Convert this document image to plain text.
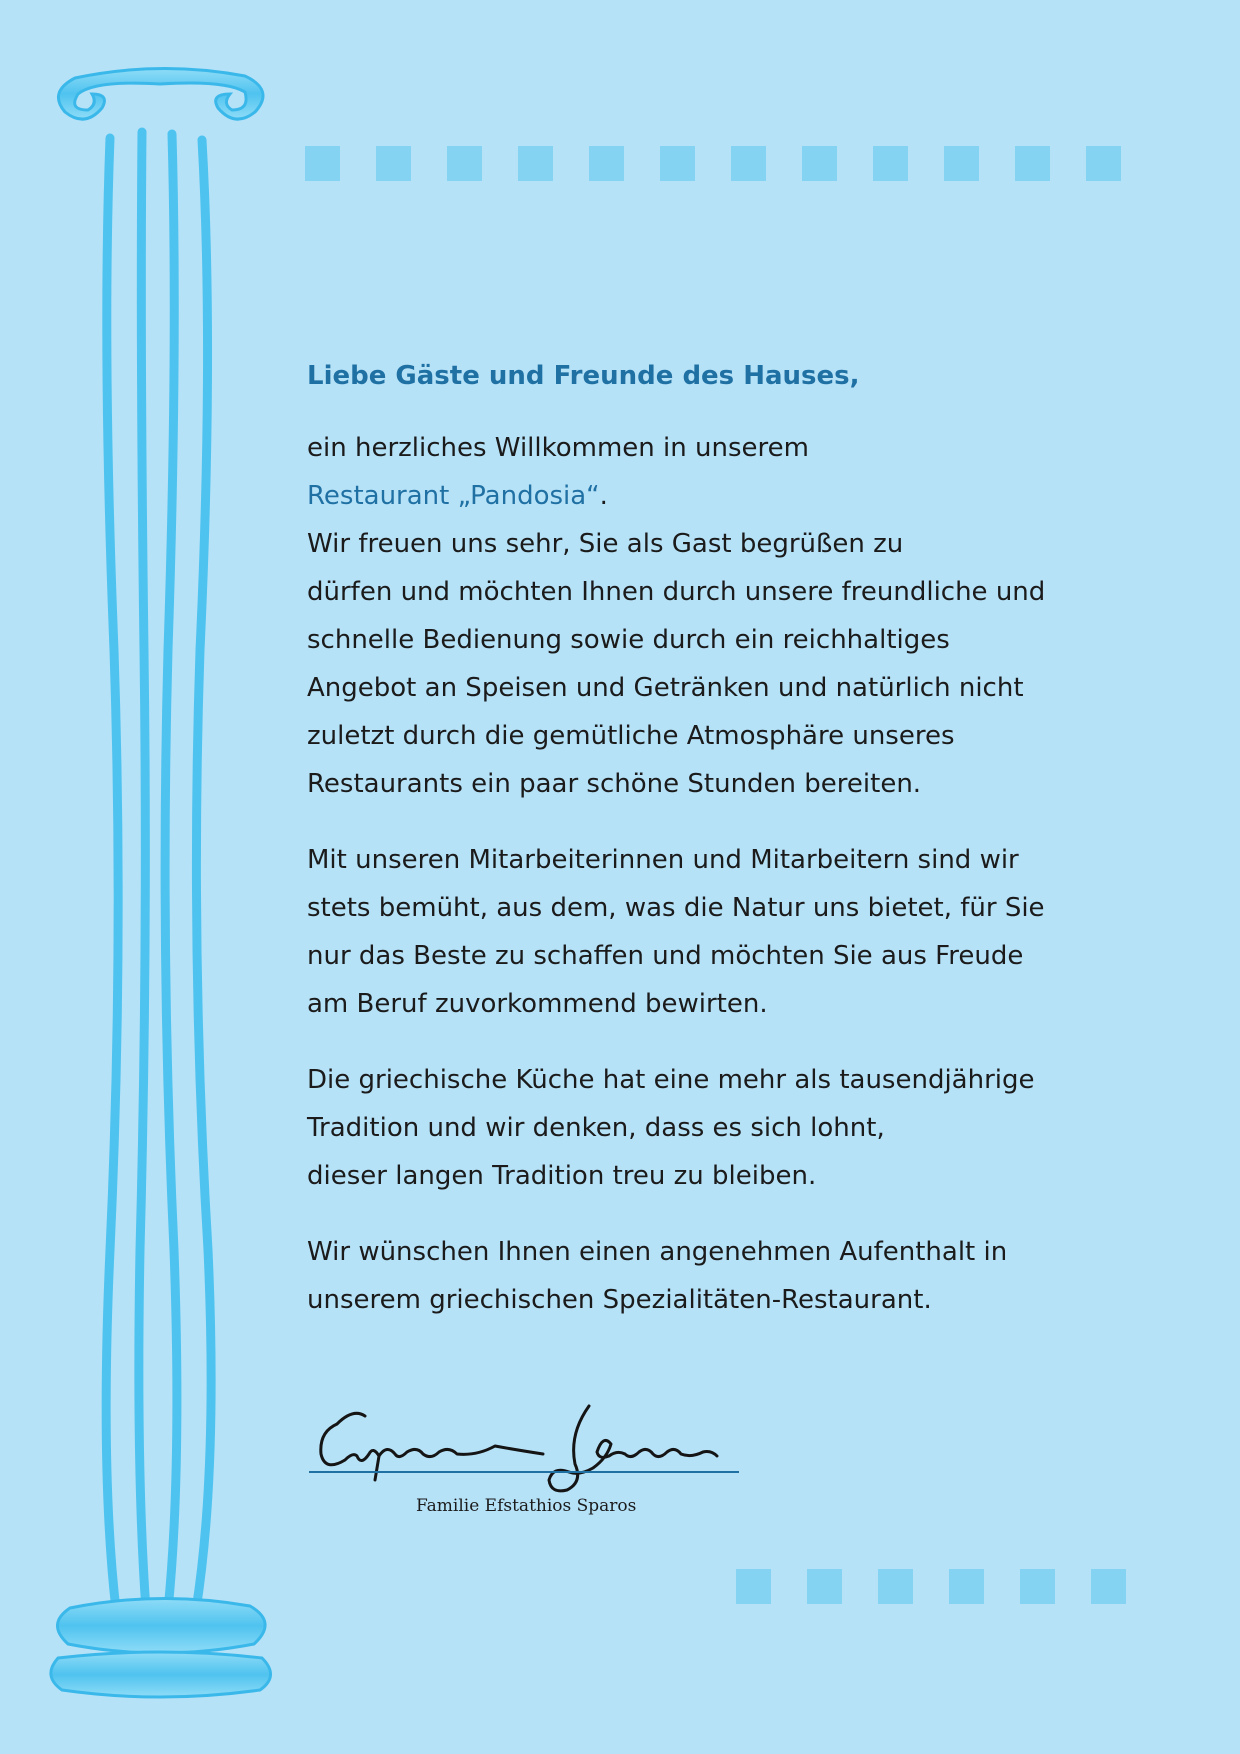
Liebe Gäste und Freunde des Hauses,

ein herzliches Willkommen in unserem

Restaurant „Pandosia“.

Wir freuen uns sehr, Sie als Gast begrüßen zu

dürfen und möchten Ihnen durch unsere freundliche und

schnelle Bedienung sowie durch ein reichhaltiges

Angebot an Speisen und Getränken und natürlich nicht

zuletzt durch die gemütliche Atmosphäre unseres

Restaurants ein paar schöne Stunden bereiten.

Mit unseren Mitarbeiterinnen und Mitarbeitern sind wir

stets bemüht, aus dem, was die Natur uns bietet, für Sie

nur das Beste zu schaffen und möchten Sie aus Freude

am Beruf zuvorkommend bewirten.

Die griechische Küche hat eine mehr als tausendjährige

Tradition und wir denken, dass es sich lohnt,

dieser langen Tradition treu zu bleiben.

Wir wünschen Ihnen einen angenehmen Aufenthalt in

unserem griechischen Spezialitäten-Restaurant.

Familie Efstathios Sparos
